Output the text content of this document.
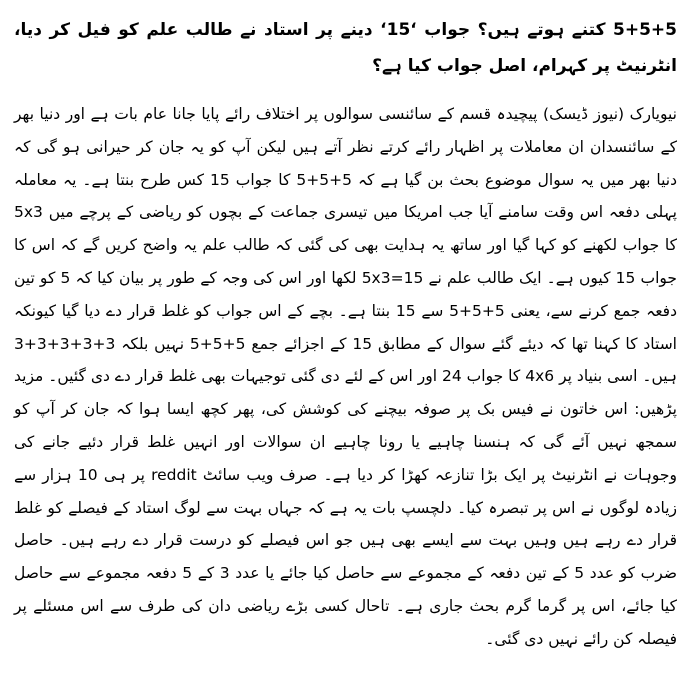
5+5+5 کتنے ہوتے ہیں؟ جواب ‘15‘ دینے پر استاد نے طالب علم کو فیل کر دیا، انٹرنیٹ پر کہرام، اصل جواب کیا ہے؟

نیویارک (نیوز ڈیسک) پیچیدہ قسم کے سائنسی سوالوں پر اختلاف رائے پایا جانا عام بات ہے اور دنیا بھر کے سائنسدان ان معاملات پر اظہار رائے کرتے نظر آتے ہیں لیکن آپ کو یہ جان کر حیرانی ہو گی کہ دنیا بھر میں یہ سوال موضوع بحث بن گیا ہے کہ 5+5+5 کا جواب 15 کس طرح بنتا ہے۔ یہ معاملہ پہلی دفعہ اس وقت سامنے آیا جب امریکا میں تیسری جماعت کے بچوں کو ریاضی کے پرچے میں 5x3 کا جواب لکھنے کو کہا گیا اور ساتھ یہ ہدایت بھی کی گئی کہ طالب علم یہ واضح کریں گے کہ اس کا جواب 15 کیوں ہے۔ ایک طالب علم نے 15=5x3 لکھا اور اس کی وجہ کے طور پر بیان کیا کہ 5 کو تین دفعہ جمع کرنے سے، یعنی 5+5+5 سے 15 بنتا ہے۔ بچے کے اس جواب کو غلط قرار دے دیا گیا کیونکہ استاد کا کہنا تھا کہ دیئے گئے سوال کے مطابق 15 کے اجزائے جمع 5+5+5 نہیں بلکہ 3+3+3+3+3 ہیں۔ اسی بنیاد پر 4x6 کا جواب 24 اور اس کے لئے دی گئی توجیہات بھی غلط قرار دے دی گئیں۔ مزید پڑھیں: اس خاتون نے فیس بک پر صوفہ بیچنے کی کوشش کی، پھر کچھ ایسا ہوا کہ جان کر آپ کو سمجھ نہیں آئے گی کہ ہنسنا چاہیے یا رونا چاہیے ان سوالات اور انہیں غلط قرار دئیے جانے کی وجوہات نے انٹرنیٹ پر ایک بڑا تنازعہ کھڑا کر دیا ہے۔ صرف ویب سائٹ reddit پر ہی 10 ہزار سے زیادہ لوگوں نے اس پر تبصرہ کیا۔ دلچسپ بات یہ ہے کہ جہاں بہت سے لوگ استاد کے فیصلے کو غلط قرار دے رہے ہیں وہیں بہت سے ایسے بھی ہیں جو اس فیصلے کو درست قرار دے رہے ہیں۔ حاصل ضرب کو عدد 5 کے تین دفعہ کے مجموعے سے حاصل کیا جائے یا عدد 3 کے 5 دفعہ مجموعے سے حاصل کیا جائے، اس پر گرما گرم بحث جاری ہے۔ تاحال کسی بڑے ریاضی دان کی طرف سے اس مسئلے پر فیصلہ کن رائے نہیں دی گئی۔
